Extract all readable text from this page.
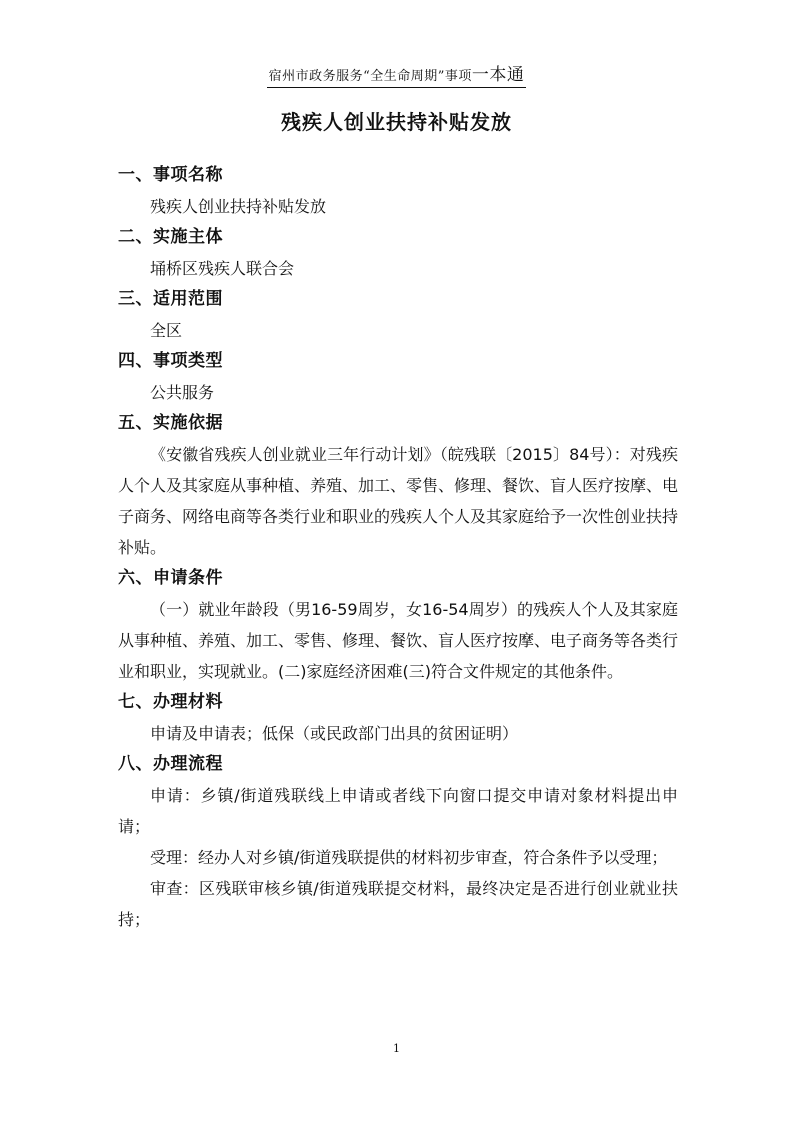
宿州市政务服务“全生命周期”事项一本通
残疾人创业扶持补贴发放

一、事项名称

残疾人创业扶持补贴发放

二、实施主体

埇桥区残疾人联合会

三、适用范围

全区

四、事项类型

公共服务

五、实施依据

《安徽省残疾人创业就业三年行动计划》（皖残联〔2015〕84号）：对残疾人个人及其家庭从事种植、养殖、加工、零售、修理、餐饮、盲人医疗按摩、电子商务、网络电商等各类行业和职业的残疾人个人及其家庭给予一次性创业扶持补贴。

六、申请条件

（一）就业年龄段（男16-59周岁，女16-54周岁）的残疾人个人及其家庭从事种植、养殖、加工、零售、修理、餐饮、盲人医疗按摩、电子商务等各类行业和职业，实现就业。(二)家庭经济困难(三)符合文件规定的其他条件。

七、办理材料

申请及申请表；低保（或民政部门出具的贫困证明）

八、办理流程

申请：乡镇/街道残联线上申请或者线下向窗口提交申请对象材料提出申请；

受理：经办人对乡镇/街道残联提供的材料初步审查，符合条件予以受理；

审查：区残联审核乡镇/街道残联提交材料，最终决定是否进行创业就业扶持；

1
